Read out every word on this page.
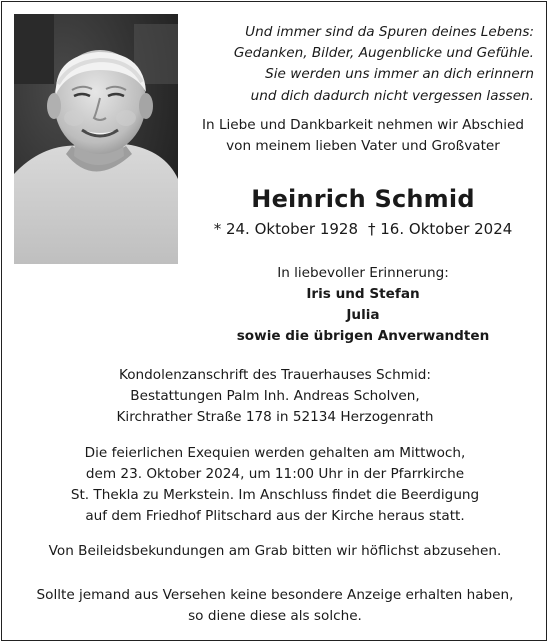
Und immer sind da Spuren deines Lebens:
Gedanken, Bilder, Augenblicke und Gefühle.
Sie werden uns immer an dich erinnern
und dich dadurch nicht vergessen lassen.
In Liebe und Dankbarkeit nehmen wir Abschied
von meinem lieben Vater und Großvater
Heinrich Schmid
* 24. Oktober 1928 † 16. Oktober 2024
In liebevoller Erinnerung:
Iris und Stefan
Julia
sowie die übrigen Anverwandten
Kondolenzanschrift des Trauerhauses Schmid:
Bestattungen Palm Inh. Andreas Scholven,
Kirchrather Straße 178 in 52134 Herzogenrath
Die feierlichen Exequien werden gehalten am Mittwoch,
dem 23. Oktober 2024, um 11:00 Uhr in der Pfarrkirche
St. Thekla zu Merkstein. Im Anschluss findet die Beerdigung
auf dem Friedhof Plitschard aus der Kirche heraus statt.
Von Beileidsbekundungen am Grab bitten wir höflichst abzusehen.
Sollte jemand aus Versehen keine besondere Anzeige erhalten haben,
so diene diese als solche.
